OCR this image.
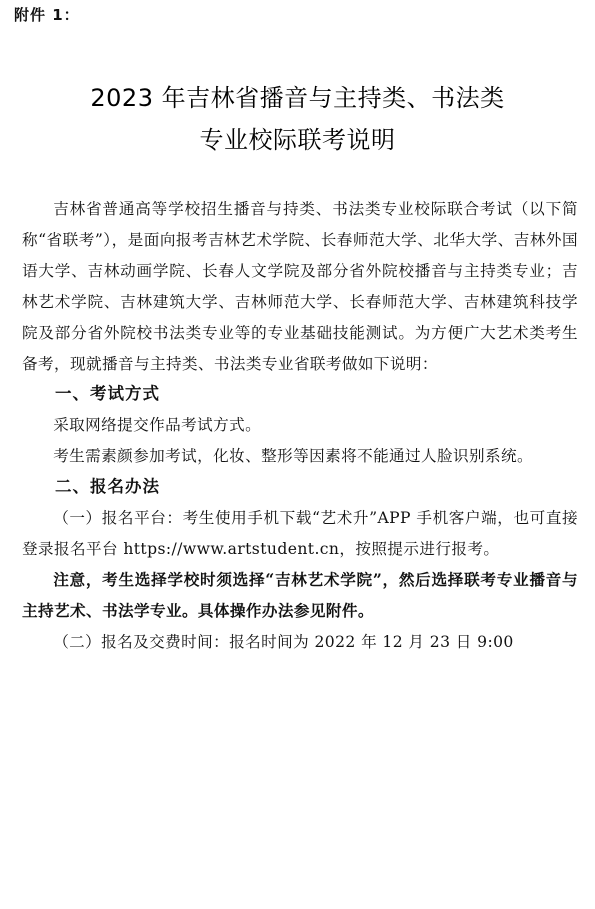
附件 1：
2023 年吉林省播音与主持类、书法类
专业校际联考说明

吉林省普通高等学校招生播音与持类、书法类专业校际联合考试（以下简称“省联考”），是面向报考吉林艺术学院、长春师范大学、北华大学、吉林外国语大学、吉林动画学院、长春人文学院及部分省外院校播音与主持类专业；吉林艺术学院、吉林建筑大学、吉林师范大学、长春师范大学、吉林建筑科技学院及部分省外院校书法类专业等的专业基础技能测试。为方便广大艺术类考生备考，现就播音与主持类、书法类专业省联考做如下说明：

一、考试方式

采取网络提交作品考试方式。

考生需素颜参加考试，化妆、整形等因素将不能通过人脸识别系统。

二、报名办法

（一）报名平台：考生使用手机下载“艺术升”APP 手机客户端，也可直接登录报名平台 https://www.artstudent.cn，按照提示进行报考。

注意，考生选择学校时须选择“吉林艺术学院”，然后选择联考专业播音与主持艺术、书法学专业。具体操作办法参见附件。

（二）报名及交费时间：报名时间为 2022 年 12 月 23 日 9:00
